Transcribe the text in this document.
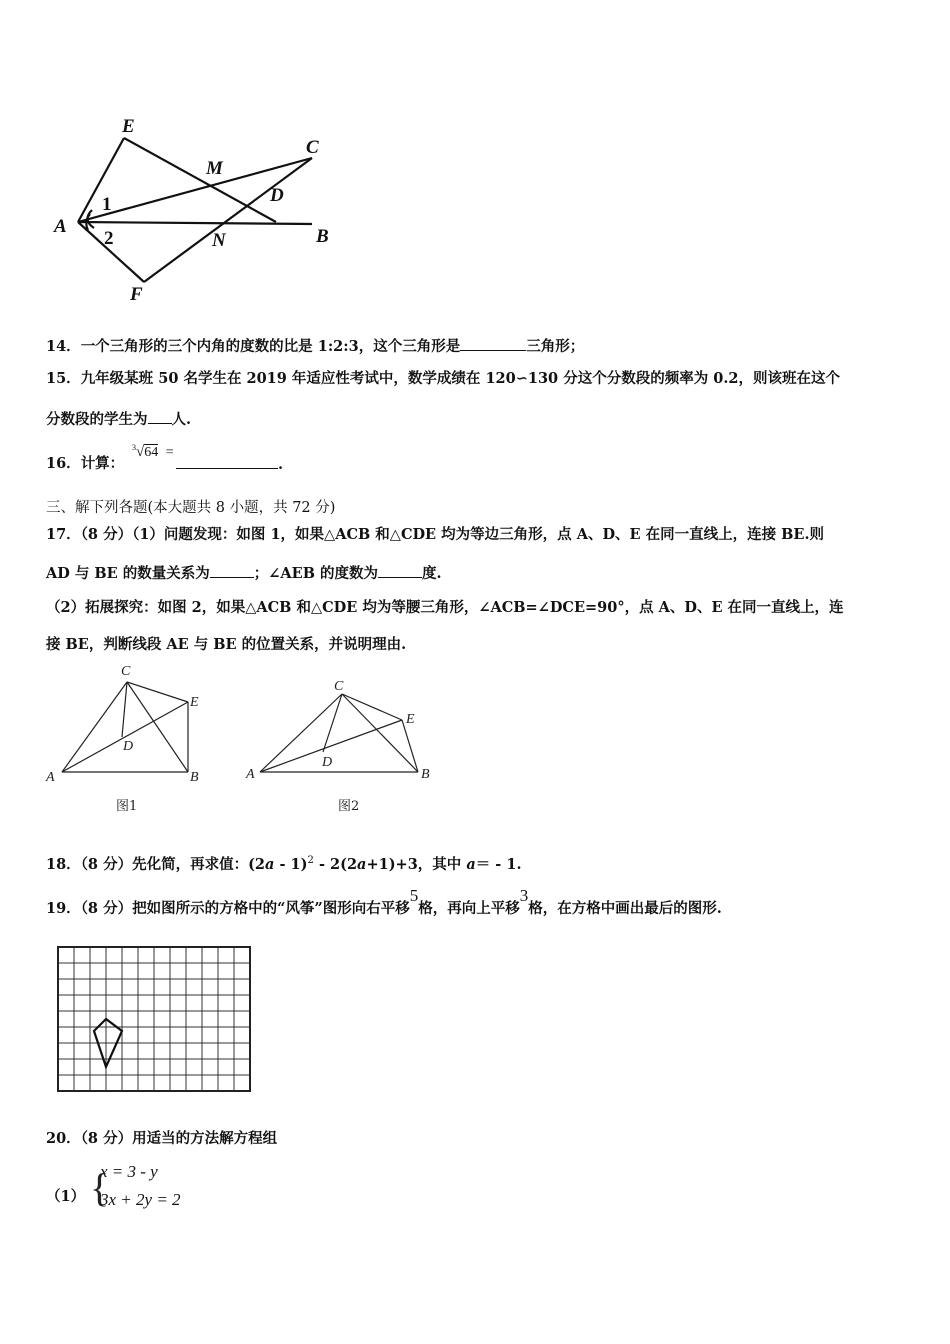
E
C
M
D
A	B
N
F
1
2
14．一个三角形的三个内角的度数的比是 1:2:3，这个三角形是	三角形；
15．九年级某班 50 名学生在 2019 年适应性考试中，数学成绩在 120∽130 分这个分数段的频率为 0.2，则该班在这个
分数段的学生为 人.
16．计算：
$^3$√64 =
.
三、解下列各题(本大题共 8 小题，共 72 分)
17．（8 分）（1）问题发现：如图 1，如果△ACB 和△CDE 均为等边三角形，点 A、D、E 在同一直线上，连接 BE.则
AD 与 BE 的数量关系为	；∠AEB 的度数为	度.
（2）拓展探究：如图 2，如果△ACB 和△CDE 均为等腰三角形，∠ACB=∠DCE=90°，点 A、D、E 在同一直线上，连
接 BE，判断线段 AE 与 BE 的位置关系，并说明理由.
C
E
D
A	B
图1
C
E
D
A	B
图2
18．（8 分）先化简，再求值：(2a - 1)$^2$ - 2(2a+1)+3，其中 a＝ - 1.
19．（8 分）把如图所示的方格中的“风筝”图形向右平移5格，再向上平移3格，在方格中画出最后的图形.
20．（8 分）用适当的方法解方程组
（1） {
x = 3 - y
3x + 2y = 2
